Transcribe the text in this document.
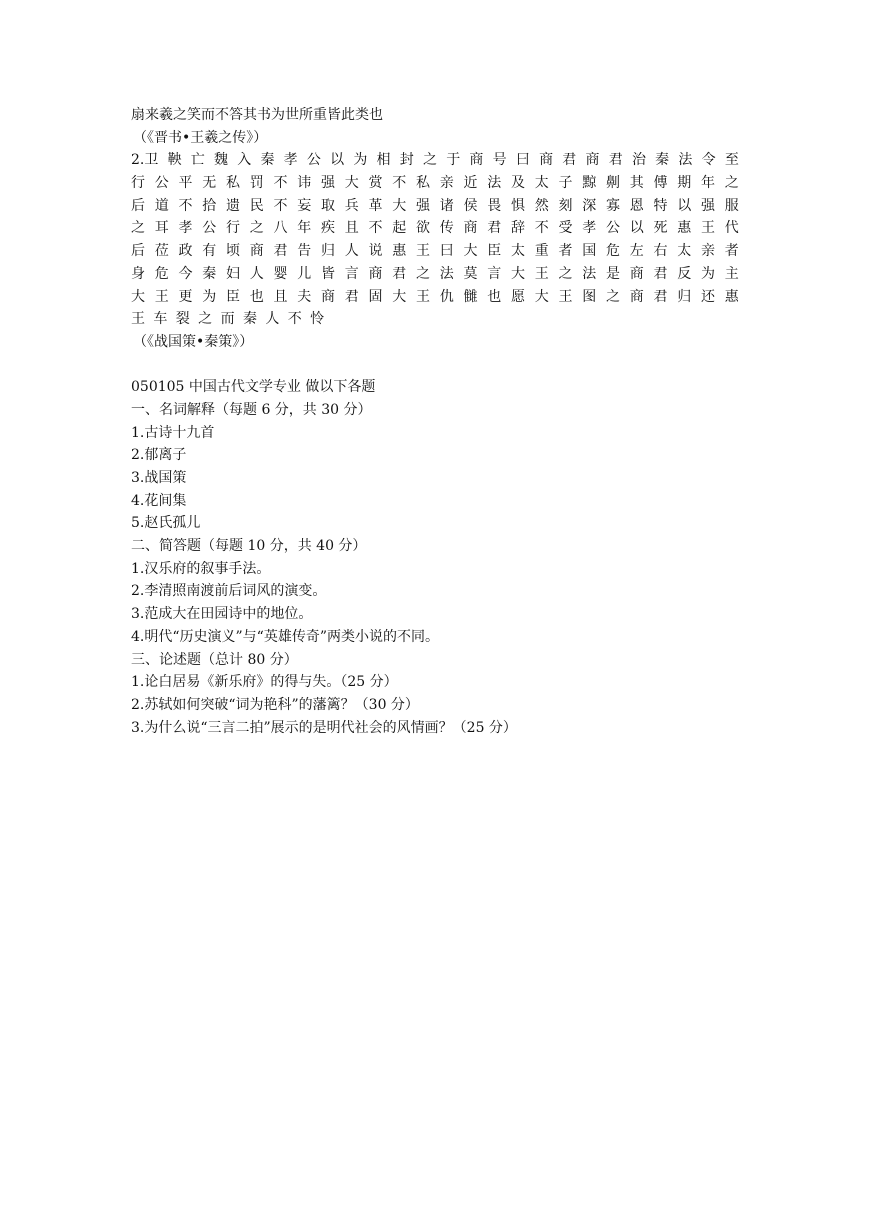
扇来羲之笑而不答其书为世所重皆此类也
（《晋书•王羲之传》）
2.卫 鞅 亡 魏 入 秦 孝 公 以 为 相 封 之 于 商 号 曰 商 君 商 君 治 秦 法 令 至
行 公 平 无 私 罚 不 讳 强 大 赏 不 私 亲 近 法 及 太 子 黥 劓 其 傅 期 年 之
后 道 不 拾 遗 民 不 妄 取 兵 革 大 强 诸 侯 畏 惧 然 刻 深 寡 恩 特 以 强 服
之 耳 孝 公 行 之 八 年 疾 且 不 起 欲 传 商 君 辞 不 受 孝 公 以 死 惠 王 代
后 莅 政 有 顷 商 君 告 归 人 说 惠 王 曰 大 臣 太 重 者 国 危 左 右 太 亲 者
身 危 今 秦 妇 人 婴 儿 皆 言 商 君 之 法 莫 言 大 王 之 法 是 商 君 反 为 主
大 王 更 为 臣 也 且 夫 商 君 固 大 王 仇 雠 也 愿 大 王 图 之 商 君 归 还 惠
王 车 裂 之 而 秦 人 不 怜
（《战国策•秦策》）
050105 中国古代文学专业 做以下各题
一、名词解释（每题 6 分，共 30 分）
1.古诗十九首
2.郁离子
3.战国策
4.花间集
5.赵氏孤儿
二、简答题（每题 10 分，共 40 分）
1.汉乐府的叙事手法。
2.李清照南渡前后词风的演变。
3.范成大在田园诗中的地位。
4.明代“历史演义”与“英雄传奇”两类小说的不同。
三、论述题（总计 80 分）
1.论白居易《新乐府》的得与失。（25 分）
2.苏轼如何突破“词为艳科”的藩篱？（30 分）
3.为什么说“三言二拍”展示的是明代社会的风情画？（25 分）
